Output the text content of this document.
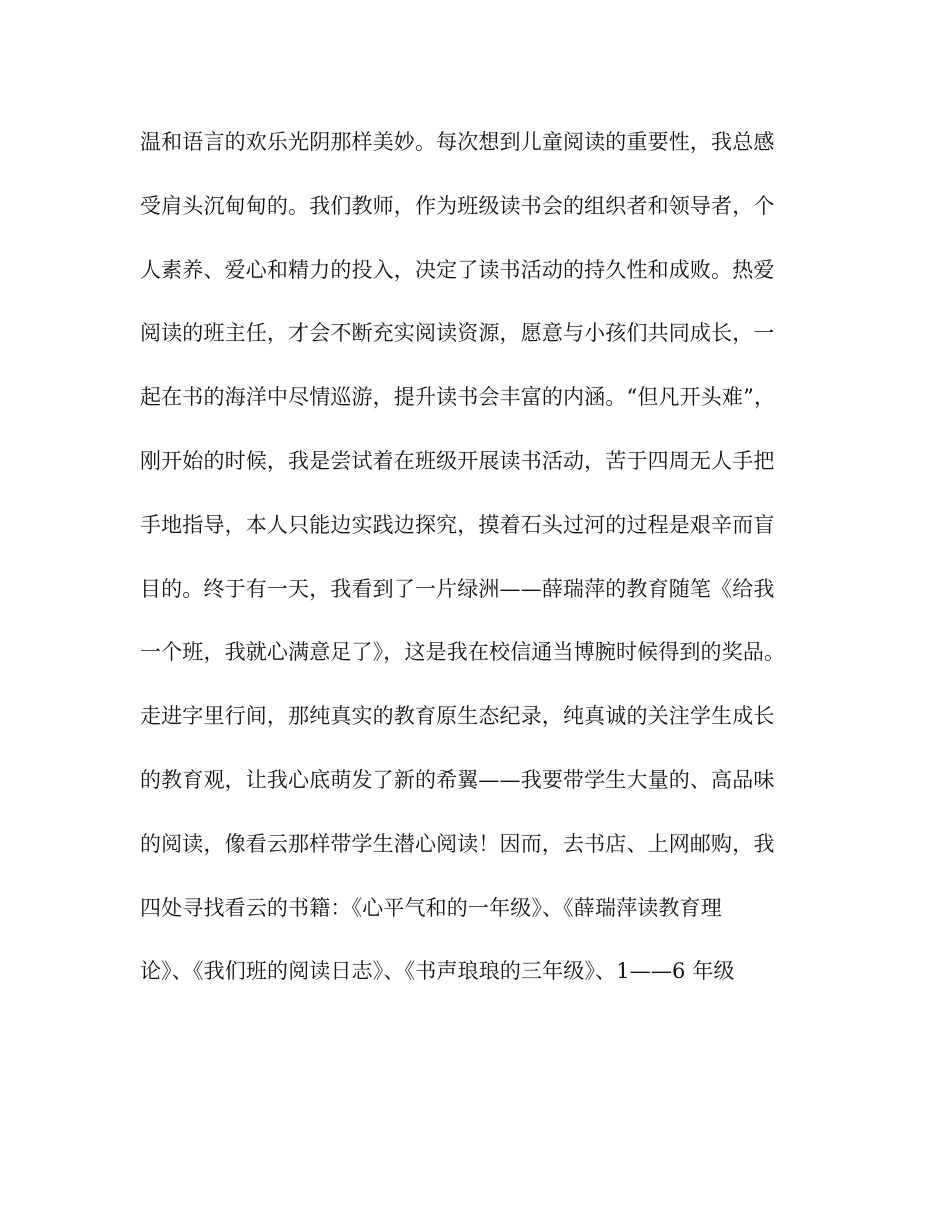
温和语言的欢乐光阴那样美妙。每次想到儿童阅读的重要性，我总感
受肩头沉甸甸的。我们教师，作为班级读书会的组织者和领导者，个
人素养、爱心和精力的投入，决定了读书活动的持久性和成败。热爱
阅读的班主任，才会不断充实阅读资源，愿意与小孩们共同成长，一
起在书的海洋中尽情巡游，提升读书会丰富的内涵。“但凡开头难”，
刚开始的时候，我是尝试着在班级开展读书活动，苦于四周无人手把
手地指导，本人只能边实践边探究，摸着石头过河的过程是艰辛而盲
目的。终于有一天，我看到了一片绿洲——薛瑞萍的教育随笔《给我
一个班，我就心满意足了》，这是我在校信通当博腕时候得到的奖品。
走进字里行间，那纯真实的教育原生态纪录，纯真诚的关注学生成长
的教育观，让我心底萌发了新的希翼——我要带学生大量的、高品味
的阅读，像看云那样带学生潜心阅读！因而，去书店、上网邮购，我
四处寻找看云的书籍：《心平气和的一年级》、《薛瑞萍读教育理
论》、《我们班的阅读日志》、《书声琅琅的三年级》、1——6 年级
